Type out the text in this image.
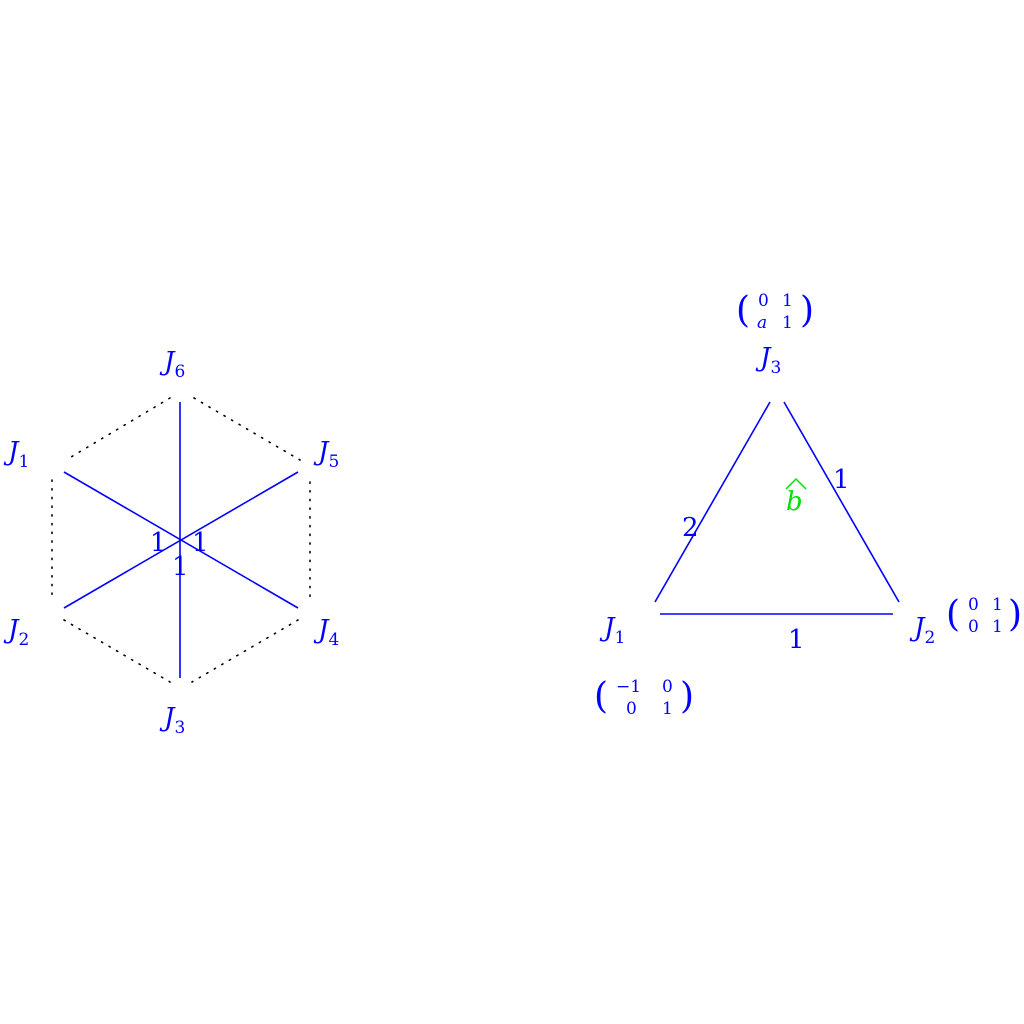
$J_6$
$J_1$	$J_5$
$J_2$	$J_4$
$J_3$
1 1
1
$J_3$
$J_1$	$J_2$
2
1
1
( 0 1
a 1 )
( 0 1
0 1 )
( −1 0
0 1 )
b
